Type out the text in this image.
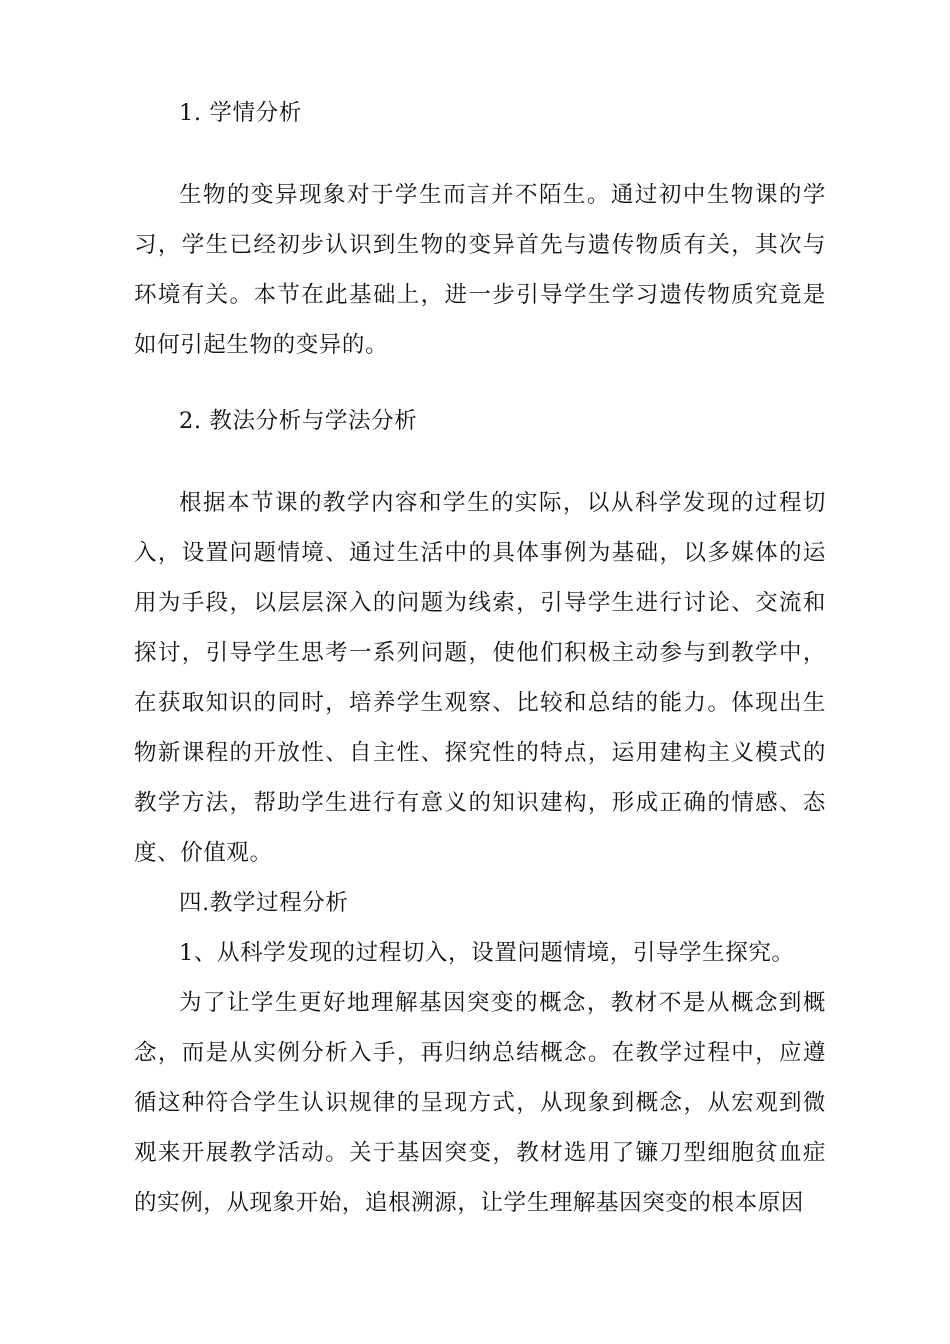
1. 学情分析

生物的变异现象对于学生而言并不陌生。通过初中生物课的学习，学生已经初步认识到生物的变异首先与遗传物质有关，其次与环境有关。本节在此基础上，进一步引导学生学习遗传物质究竟是如何引起生物的变异的。

2. 教法分析与学法分析

根据本节课的教学内容和学生的实际，以从科学发现的过程切入，设置问题情境、通过生活中的具体事例为基础，以多媒体的运用为手段，以层层深入的问题为线索，引导学生进行讨论、交流和探讨，引导学生思考一系列问题，使他们积极主动参与到教学中，在获取知识的同时，培养学生观察、比较和总结的能力。体现出生物新课程的开放性、自主性、探究性的特点，运用建构主义模式的教学方法，帮助学生进行有意义的知识建构，形成正确的情感、态度、价值观。

四.教学过程分析

1、从科学发现的过程切入，设置问题情境，引导学生探究。

为了让学生更好地理解基因突变的概念，教材不是从概念到概念，而是从实例分析入手，再归纳总结概念。在教学过程中，应遵循这种符合学生认识规律的呈现方式，从现象到概念，从宏观到微观来开展教学活动。关于基因突变，教材选用了镰刀型细胞贫血症的实例，从现象开始，追根溯源，让学生理解基因突变的根本原因
